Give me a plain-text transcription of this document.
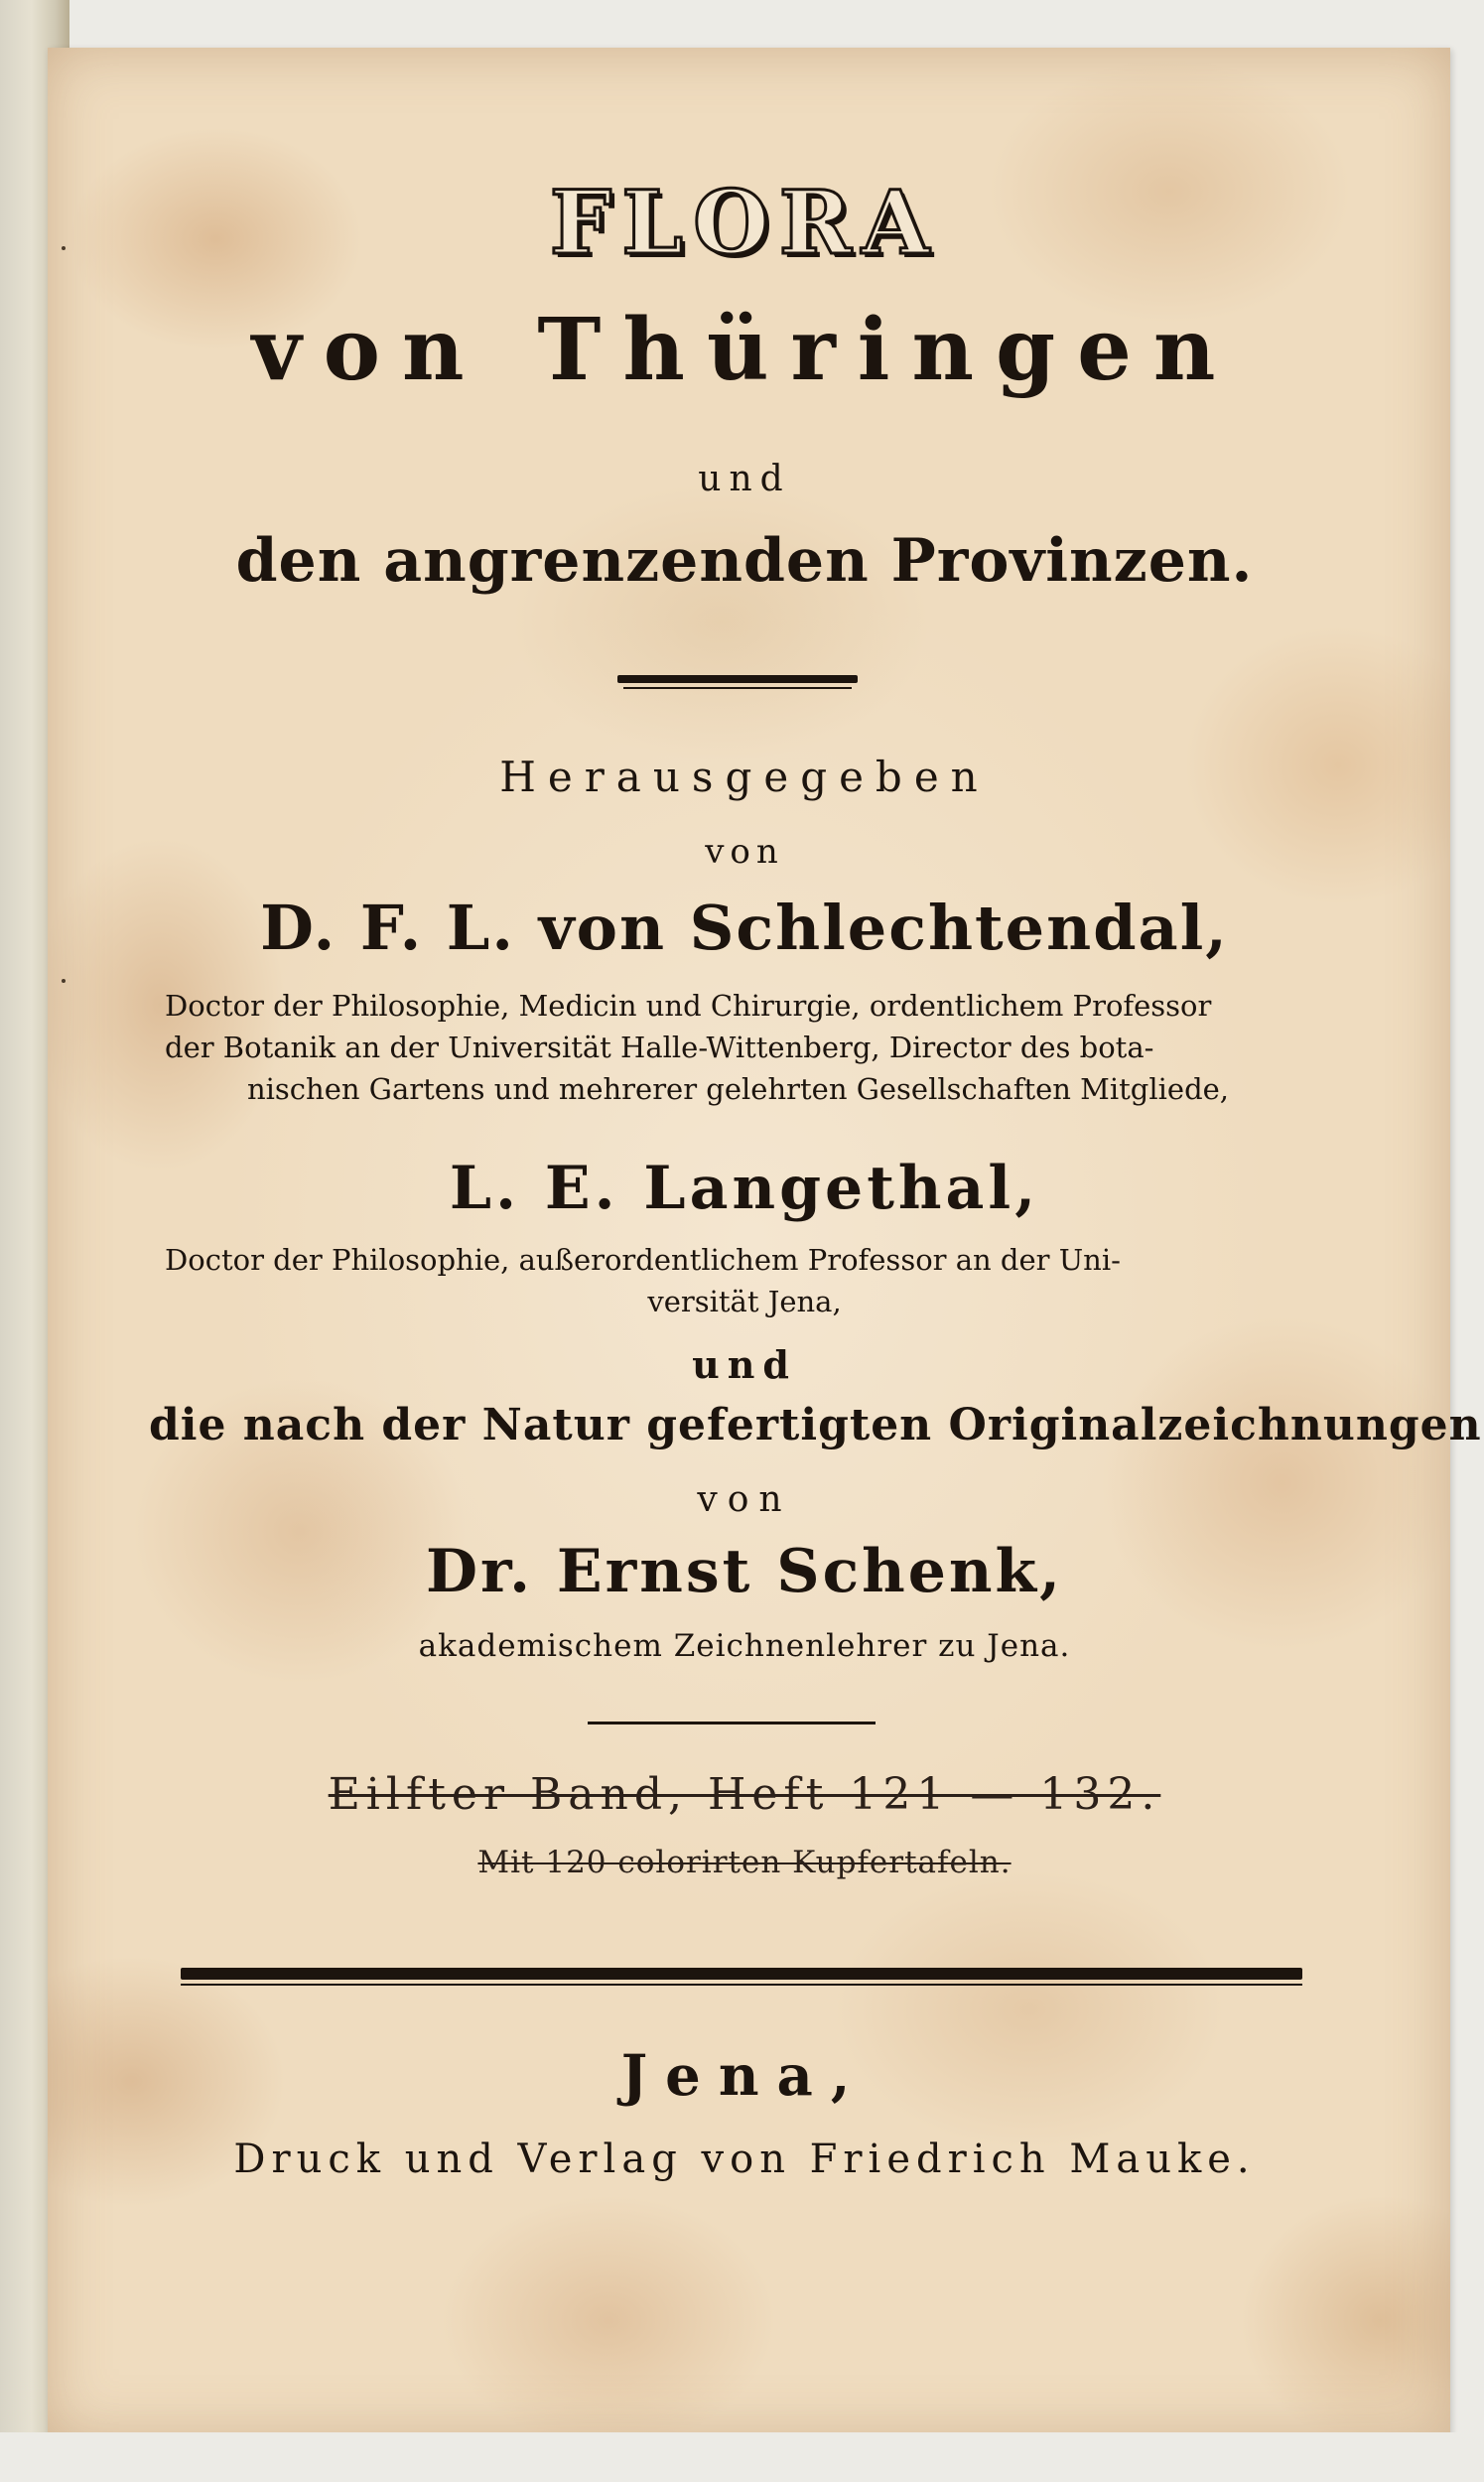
FLORA
von Thüringen
und
den angrenzenden Provinzen.
Herausgegeben
von
D. F. L. von Schlechtendal,
Doctor der Philosophie, Medicin und Chirurgie, ordentlichem Professor
der Botanik an der Universität Halle-Wittenberg, Director des bota-
nischen Gartens und mehrerer gelehrten Gesellschaften Mitgliede,
L. E. Langethal,
Doctor der Philosophie, außerordentlichem Professor an der Uni-
versität Jena,
und
die nach der Natur gefertigten Originalzeichnungen
von
Dr. Ernst Schenk,
akademischem Zeichnenlehrer zu Jena.
Eilfter Band, Heft 121 — 132.
Mit 120 colorirten Kupfertafeln.
Jena,
Druck und Verlag von Friedrich Mauke.
